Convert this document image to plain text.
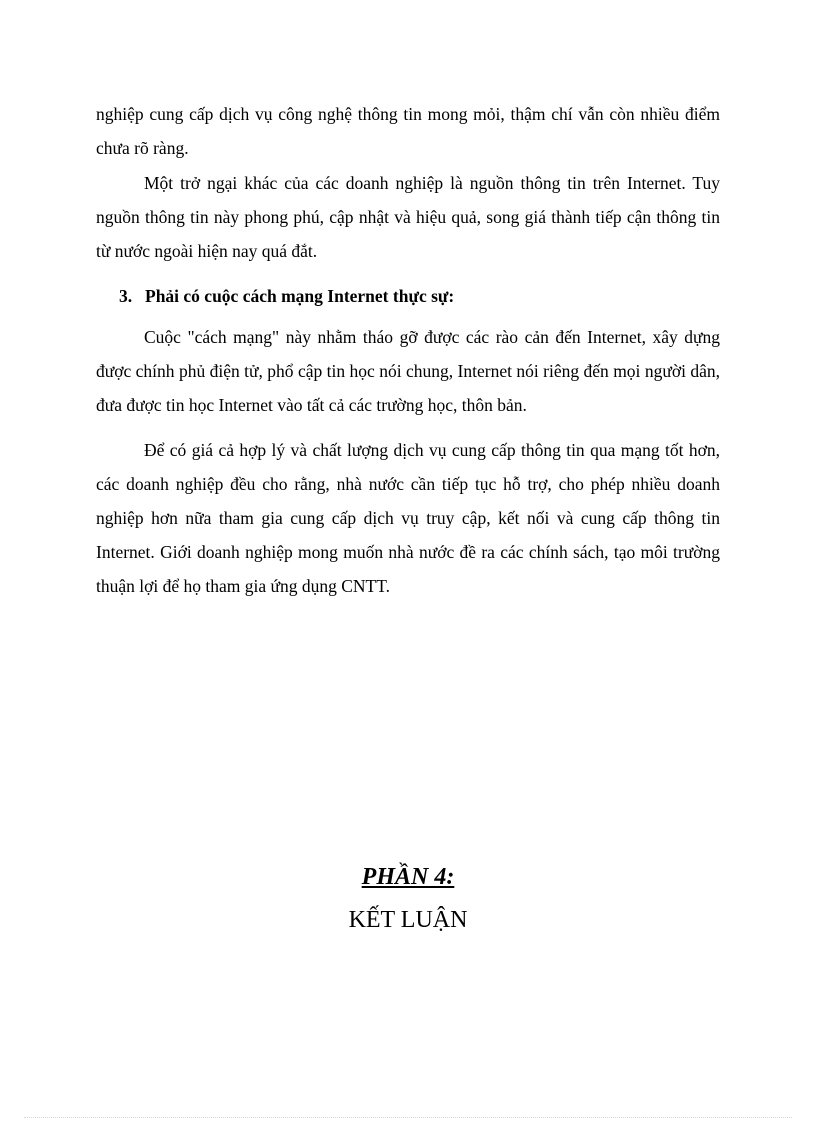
nghiệp cung cấp dịch vụ công nghệ thông tin mong mỏi, thậm chí vẫn còn nhiều điểm chưa rõ ràng.

Một trở ngại khác của các doanh nghiệp là nguồn thông tin trên Internet. Tuy nguồn thông tin này phong phú, cập nhật và hiệu quả, song giá thành tiếp cận thông tin từ nước ngoài hiện nay quá đắt.

3. Phải có cuộc cách mạng Internet thực sự:

Cuộc "cách mạng" này nhằm tháo gỡ được các rào cản đến Internet, xây dựng được chính phủ điện tử, phổ cập tin học nói chung, Internet nói riêng đến mọi người dân, đưa được tin học Internet vào tất cả các trường học, thôn bản.

Để có giá cả hợp lý và chất lượng dịch vụ cung cấp thông tin qua mạng tốt hơn, các doanh nghiệp đều cho rằng, nhà nước cần tiếp tục hỗ trợ, cho phép nhiều doanh nghiệp hơn nữa tham gia cung cấp dịch vụ truy cập, kết nối và cung cấp thông tin Internet. Giới doanh nghiệp mong muốn nhà nước đề ra các chính sách, tạo môi trường thuận lợi để họ tham gia ứng dụng CNTT.

PHẦN 4:
KẾT LUẬN
